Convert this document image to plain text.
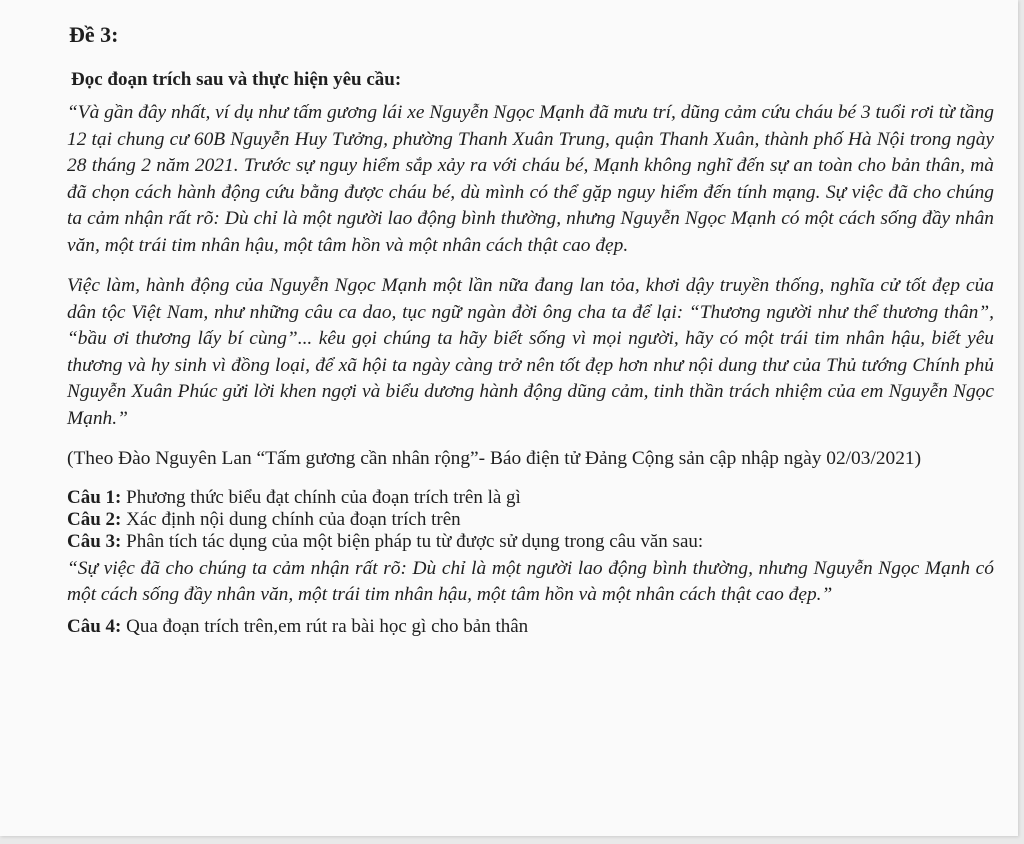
Đề 3:
Đọc đoạn trích sau và thực hiện yêu cầu:

“Và gần đây nhất, ví dụ như tấm gương lái xe Nguyễn Ngọc Mạnh đã mưu trí, dũng cảm cứu cháu bé 3 tuổi rơi từ tầng 12 tại chung cư 60B Nguyễn Huy Tưởng, phường Thanh Xuân Trung, quận Thanh Xuân, thành phố Hà Nội trong ngày 28 tháng 2 năm 2021. Trước sự nguy hiểm sắp xảy ra với cháu bé, Mạnh không nghĩ đến sự an toàn cho bản thân, mà đã chọn cách hành động cứu bằng được cháu bé, dù mình có thể gặp nguy hiểm đến tính mạng. Sự việc đã cho chúng ta cảm nhận rất rõ: Dù chỉ là một người lao động bình thường, nhưng Nguyễn Ngọc Mạnh có một cách sống đầy nhân văn, một trái tim nhân hậu, một tâm hồn và một nhân cách thật cao đẹp.

Việc làm, hành động của Nguyễn Ngọc Mạnh một lần nữa đang lan tỏa, khơi dậy truyền thống, nghĩa cử tốt đẹp của dân tộc Việt Nam, như những câu ca dao, tục ngữ ngàn đời ông cha ta để lại: “Thương người như thể thương thân”, “bầu ơi thương lấy bí cùng”... kêu gọi chúng ta hãy biết sống vì mọi người, hãy có một trái tim nhân hậu, biết yêu thương và hy sinh vì đồng loại, để xã hội ta ngày càng trở nên tốt đẹp hơn như nội dung thư của Thủ tướng Chính phủ Nguyễn Xuân Phúc gửi lời khen ngợi và biểu dương hành động dũng cảm, tinh thần trách nhiệm của em Nguyễn Ngọc Mạnh.”

(Theo Đào Nguyên Lan “Tấm gương cần nhân rộng”- Báo điện tử Đảng Cộng sản cập nhập ngày 02/03/2021)

Câu 1: Phương thức biểu đạt chính của đoạn trích trên là gì

Câu 2: Xác định nội dung chính của đoạn trích trên

Câu 3: Phân tích tác dụng của một biện pháp tu từ được sử dụng trong câu văn sau:

“Sự việc đã cho chúng ta cảm nhận rất rõ: Dù chỉ là một người lao động bình thường, nhưng Nguyễn Ngọc Mạnh có một cách sống đầy nhân văn, một trái tim nhân hậu, một tâm hồn và một nhân cách thật cao đẹp.”

Câu 4: Qua đoạn trích trên,em rút ra bài học gì cho bản thân
